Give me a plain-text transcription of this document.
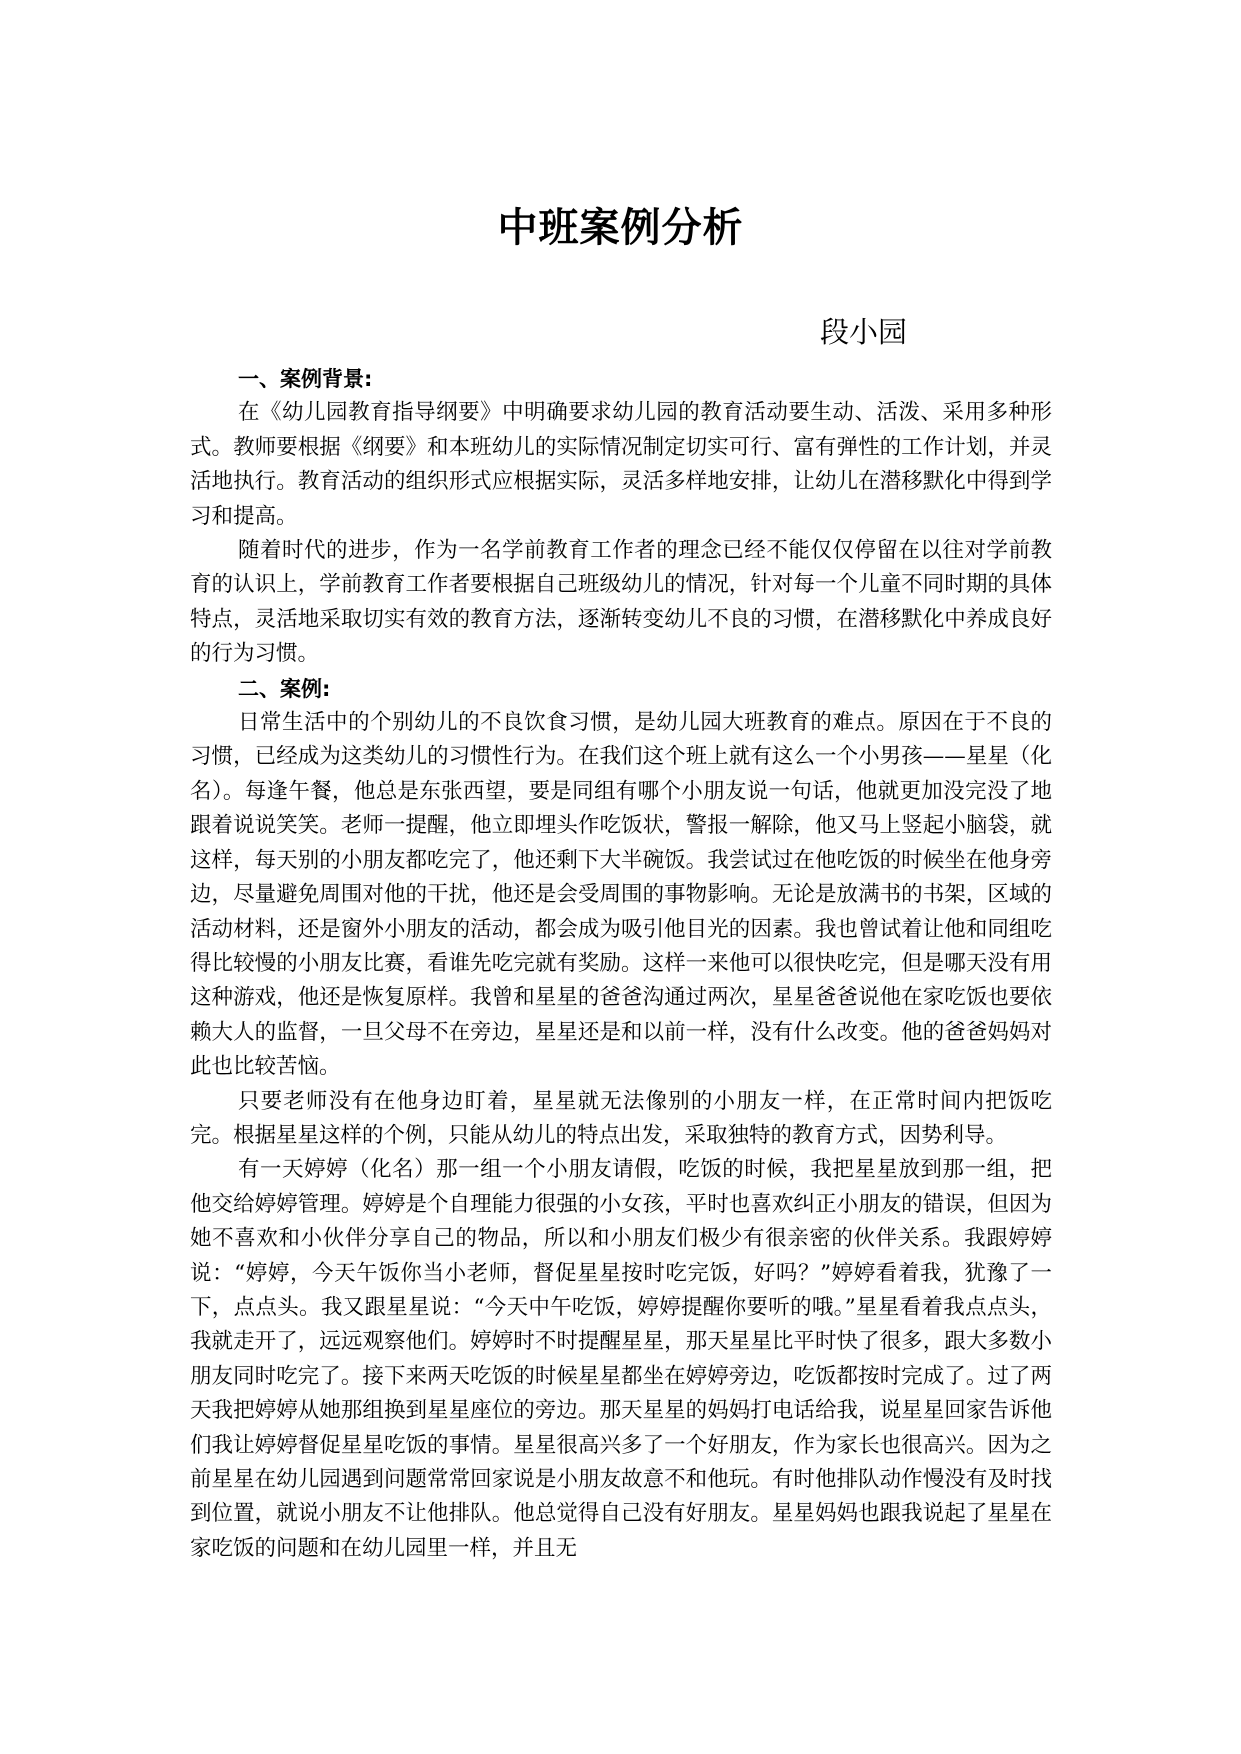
中班案例分析
段小园
一、案例背景:

在《幼儿园教育指导纲要》中明确要求幼儿园的教育活动要生动、活泼、采用多种形式。教师要根据《纲要》和本班幼儿的实际情况制定切实可行、富有弹性的工作计划，并灵活地执行。教育活动的组织形式应根据实际，灵活多样地安排，让幼儿在潜移默化中得到学习和提高。

随着时代的进步，作为一名学前教育工作者的理念已经不能仅仅停留在以往对学前教育的认识上，学前教育工作者要根据自己班级幼儿的情况，针对每一个儿童不同时期的具体特点，灵活地采取切实有效的教育方法，逐渐转变幼儿不良的习惯，在潜移默化中养成良好的行为习惯。

二、案例:

日常生活中的个别幼儿的不良饮食习惯，是幼儿园大班教育的难点。原因在于不良的习惯，已经成为这类幼儿的习惯性行为。在我们这个班上就有这么一个小男孩——星星（化名）。每逢午餐，他总是东张西望，要是同组有哪个小朋友说一句话，他就更加没完没了地跟着说说笑笑。老师一提醒，他立即埋头作吃饭状，警报一解除，他又马上竖起小脑袋，就这样，每天别的小朋友都吃完了，他还剩下大半碗饭。我尝试过在他吃饭的时候坐在他身旁边，尽量避免周围对他的干扰，他还是会受周围的事物影响。无论是放满书的书架，区域的活动材料，还是窗外小朋友的活动，都会成为吸引他目光的因素。我也曾试着让他和同组吃得比较慢的小朋友比赛，看谁先吃完就有奖励。这样一来他可以很快吃完，但是哪天没有用这种游戏，他还是恢复原样。我曾和星星的爸爸沟通过两次，星星爸爸说他在家吃饭也要依赖大人的监督，一旦父母不在旁边，星星还是和以前一样，没有什么改变。他的爸爸妈妈对此也比较苦恼。

只要老师没有在他身边盯着，星星就无法像别的小朋友一样，在正常时间内把饭吃完。根据星星这样的个例，只能从幼儿的特点出发，采取独特的教育方式，因势利导。

有一天婷婷（化名）那一组一个小朋友请假，吃饭的时候，我把星星放到那一组，把他交给婷婷管理。婷婷是个自理能力很强的小女孩，平时也喜欢纠正小朋友的错误，但因为她不喜欢和小伙伴分享自己的物品，所以和小朋友们极少有很亲密的伙伴关系。我跟婷婷说：“婷婷，今天午饭你当小老师，督促星星按时吃完饭，好吗？”婷婷看着我，犹豫了一下，点点头。我又跟星星说：“今天中午吃饭，婷婷提醒你要听的哦。”星星看着我点点头，我就走开了，远远观察他们。婷婷时不时提醒星星，那天星星比平时快了很多，跟大多数小朋友同时吃完了。接下来两天吃饭的时候星星都坐在婷婷旁边，吃饭都按时完成了。过了两天我把婷婷从她那组换到星星座位的旁边。那天星星的妈妈打电话给我，说星星回家告诉他们我让婷婷督促星星吃饭的事情。星星很高兴多了一个好朋友，作为家长也很高兴。因为之前星星在幼儿园遇到问题常常回家说是小朋友故意不和他玩。有时他排队动作慢没有及时找到位置，就说小朋友不让他排队。他总觉得自己没有好朋友。星星妈妈也跟我说起了星星在家吃饭的问题和在幼儿园里一样，并且无
